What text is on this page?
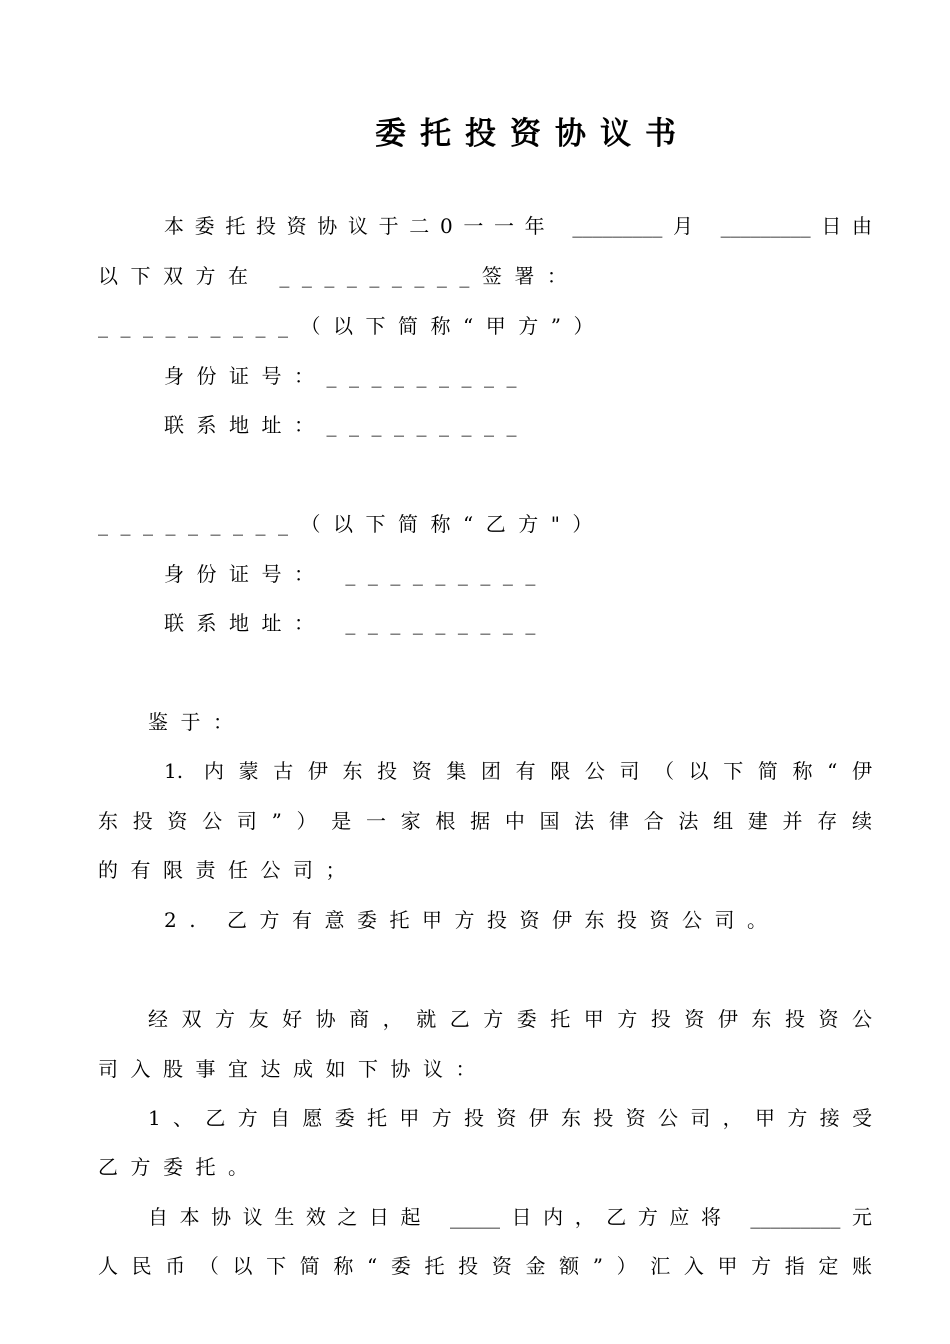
委托投资协议书
本委托投资协议于二0一一年 _________月 _________日由
以下双方在 _________签署：
_________（以下简称“甲方”）
身份证号：_________
联系地址：_________
_________（以下简称“乙方"）
身份证号： _________
联系地址： _________
鉴于：
1. 内蒙古伊东投资集团有限公司（以下简称“伊
东投资公司”）是一家根据中国法律合法组建并存续
的有限责任公司；
2. 乙方有意委托甲方投资伊东投资公司。
经双方友好协商，就乙方委托甲方投资伊东投资公
司入股事宜达成如下协议：
1、乙方自愿委托甲方投资伊东投资公司，甲方接受
乙方委托。
自本协议生效之日起 _____日内，乙方应将 _________元
人民币（以下简称“委托投资金额”）汇入甲方指定账
